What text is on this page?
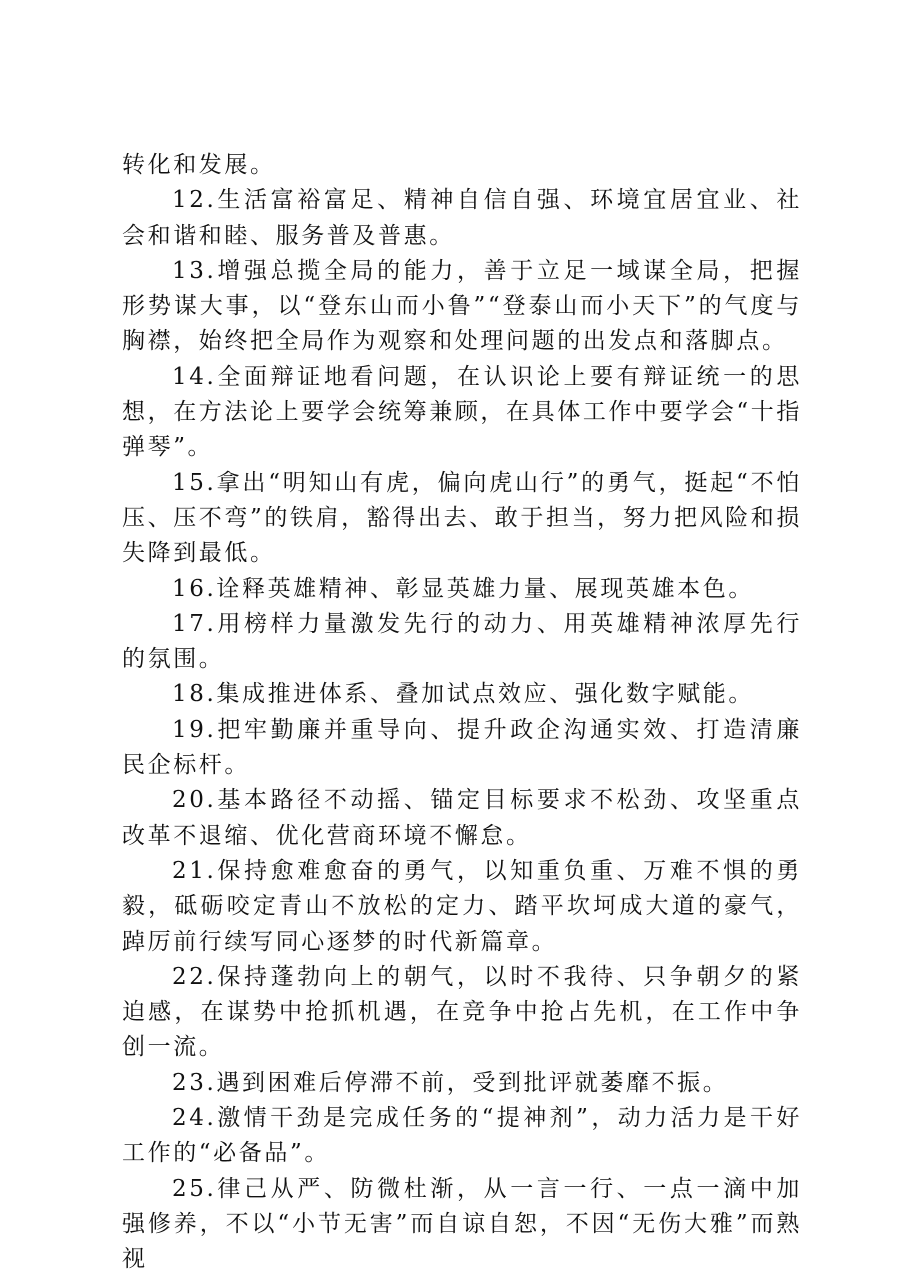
转化和发展。

12.生活富裕富足、精神自信自强、环境宜居宜业、社会和谐和睦、服务普及普惠。

13.增强总揽全局的能力，善于立足一域谋全局，把握形势谋大事，以“登东山而小鲁”“登泰山而小天下”的气度与胸襟，始终把全局作为观察和处理问题的出发点和落脚点。

14.全面辩证地看问题，在认识论上要有辩证统一的思想，在方法论上要学会统筹兼顾，在具体工作中要学会“十指弹琴”。

15.拿出“明知山有虎，偏向虎山行”的勇气，挺起“不怕压、压不弯”的铁肩，豁得出去、敢于担当，努力把风险和损失降到最低。

16.诠释英雄精神、彰显英雄力量、展现英雄本色。

17.用榜样力量激发先行的动力、用英雄精神浓厚先行的氛围。

18.集成推进体系、叠加试点效应、强化数字赋能。

19.把牢勤廉并重导向、提升政企沟通实效、打造清廉民企标杆。

20.基本路径不动摇、锚定目标要求不松劲、攻坚重点改革不退缩、优化营商环境不懈怠。

21.保持愈难愈奋的勇气，以知重负重、万难不惧的勇毅，砥砺咬定青山不放松的定力、踏平坎坷成大道的豪气，踔厉前行续写同心逐梦的时代新篇章。

22.保持蓬勃向上的朝气，以时不我待、只争朝夕的紧迫感，在谋势中抢抓机遇，在竞争中抢占先机，在工作中争创一流。

23.遇到困难后停滞不前，受到批评就萎靡不振。

24.激情干劲是完成任务的“提神剂”，动力活力是干好工作的“必备品”。

25.律己从严、防微杜渐，从一言一行、一点一滴中加强修养，不以“小节无害”而自谅自恕，不因“无伤大雅”而熟视
